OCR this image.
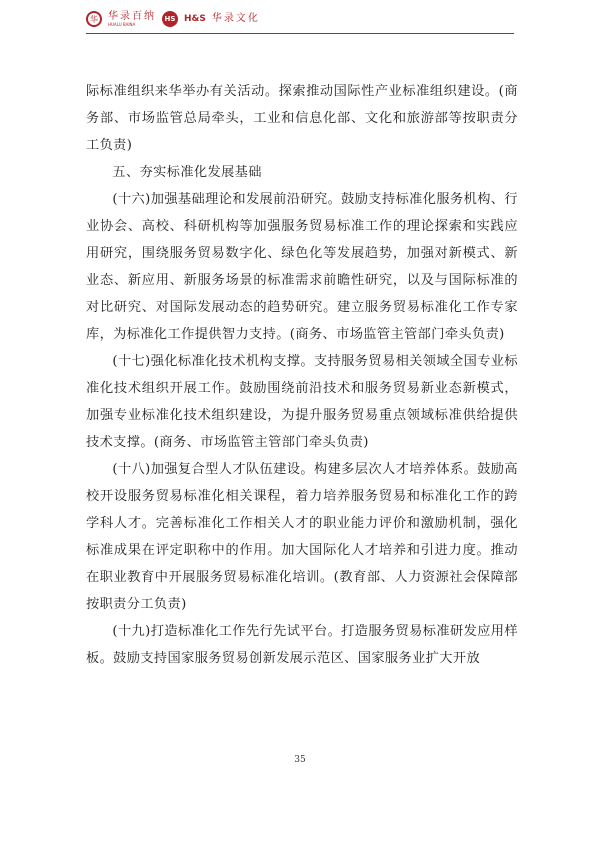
华	华录百纳
HUALU BAINA
HS H&S 华录文化

际标准组织来华举办有关活动。探索推动国际性产业标准组织建设。(商务部、市场监管总局牵头，工业和信息化部、文化和旅游部等按职责分工负责)

五、夯实标准化发展基础

(十六)加强基础理论和发展前沿研究。鼓励支持标准化服务机构、行业协会、高校、科研机构等加强服务贸易标准工作的理论探索和实践应用研究，围绕服务贸易数字化、绿色化等发展趋势，加强对新模式、新业态、新应用、新服务场景的标准需求前瞻性研究，以及与国际标准的对比研究、对国际发展动态的趋势研究。建立服务贸易标准化工作专家库，为标准化工作提供智力支持。(商务、市场监管主管部门牵头负责)

(十七)强化标准化技术机构支撑。支持服务贸易相关领域全国专业标准化技术组织开展工作。鼓励围绕前沿技术和服务贸易新业态新模式，加强专业标准化技术组织建设，为提升服务贸易重点领域标准供给提供技术支撑。(商务、市场监管主管部门牵头负责)

(十八)加强复合型人才队伍建设。构建多层次人才培养体系。鼓励高校开设服务贸易标准化相关课程，着力培养服务贸易和标准化工作的跨学科人才。完善标准化工作相关人才的职业能力评价和激励机制，强化标准成果在评定职称中的作用。加大国际化人才培养和引进力度。推动在职业教育中开展服务贸易标准化培训。(教育部、人力资源社会保障部按职责分工负责)

(十九)打造标准化工作先行先试平台。打造服务贸易标准研发应用样板。鼓励支持国家服务贸易创新发展示范区、国家服务业扩大开放

35
